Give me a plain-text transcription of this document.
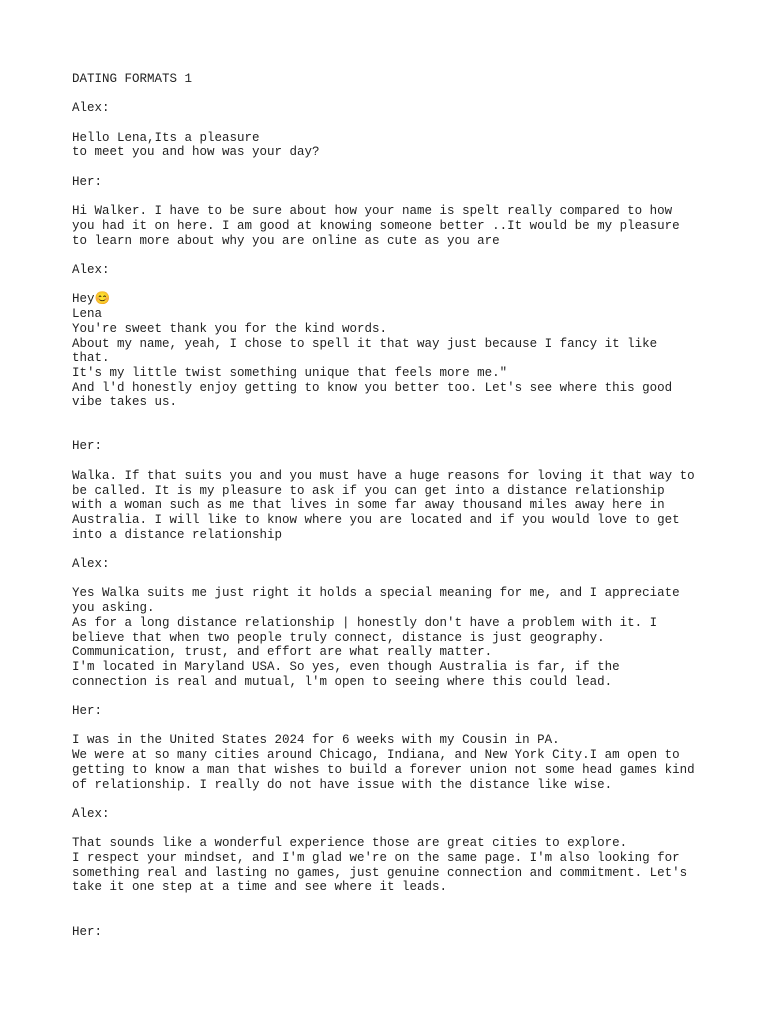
DATING FORMATS 1
Alex:
Hello Lena,Its a pleasure
to meet you and how was your day?
Her:
Hi Walker. I have to be sure about how your name is spelt really compared to how
you had it on here. I am good at knowing someone better ..It would be my pleasure
to learn more about why you are online as cute as you are
Alex:
Hey😊
Lena
You're sweet thank you for the kind words.
About my name, yeah, I chose to spell it that way just because I fancy it like
that.
It's my little twist something unique that feels more me."
And l'd honestly enjoy getting to know you better too. Let's see where this good
vibe takes us.
Her:
Walka. If that suits you and you must have a huge reasons for loving it that way to
be called. It is my pleasure to ask if you can get into a distance relationship
with a woman such as me that lives in some far away thousand miles away here in
Australia. I will like to know where you are located and if you would love to get
into a distance relationship
Alex:
Yes Walka suits me just right it holds a special meaning for me, and I appreciate
you asking.
As for a long distance relationship | honestly don't have a problem with it. I
believe that when two people truly connect, distance is just geography.
Communication, trust, and effort are what really matter.
I'm located in Maryland USA. So yes, even though Australia is far, if the
connection is real and mutual, l'm open to seeing where this could lead.
Her:
I was in the United States 2024 for 6 weeks with my Cousin in PA.
We were at so many cities around Chicago, Indiana, and New York City.I am open to
getting to know a man that wishes to build a forever union not some head games kind
of relationship. I really do not have issue with the distance like wise.
Alex:
That sounds like a wonderful experience those are great cities to explore.
I respect your mindset, and I'm glad we're on the same page. I'm also looking for
something real and lasting no games, just genuine connection and commitment. Let's
take it one step at a time and see where it leads.
Her:
